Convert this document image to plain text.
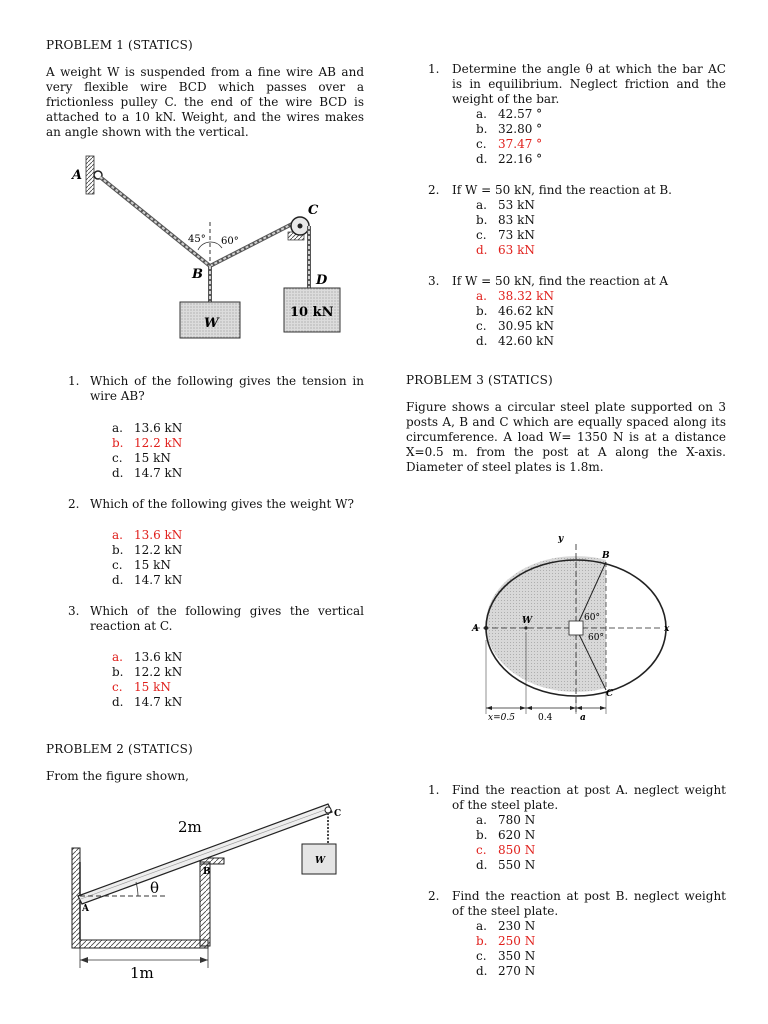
PROBLEM 1 (STATICS)
A weight W is suspended from a fine wire AB and very flexible wire BCD which passes over a frictionless pulley C. the end of the wire BCD is attached to a 10 kN. Weight, and the wires makes an angle shown with the vertical.
A
C
D
45° 60°
B
W
10 kN
1. Which of the following gives the tension in wire AB?
a. 13.6 kN
b. 12.2 kN
c. 15 kN
d. 14.7 kN
2. Which of the following gives the weight W?
a. 13.6 kN
b. 12.2 kN
c. 15 kN
d. 14.7 kN
3. Which of the following gives the vertical reaction at C.
a. 13.6 kN
b. 12.2 kN
c. 15 kN
d. 14.7 kN
PROBLEM 2 (STATICS)
From the figure shown,
A
B
2m
C
W
θ
1m
1.	Determine the angle θ at which the bar AC is in equilibrium. Neglect friction and the weight of the bar.
a. 42.57 °
b. 32.80 °
c. 37.47 °
d. 22.16 °
2.	If W = 50 kN, find the reaction at B.
a. 53 kN
b. 83 kN
c. 73 kN
d. 63 kN
3.	If W = 50 kN, find the reaction at A
a. 38.32 kN
b. 46.62 kN
c. 30.95 kN
d. 42.60 kN
PROBLEM 3 (STATICS)
Figure shows a circular steel plate supported on 3 posts A, B and C which are equally spaced along its circumference. A load W= 1350 N is at a distance X=0.5 m. from the post at A along the X-axis. Diameter of steel plates is 1.8m.
x
y
B
C
A
W	60°
60°
x=0.5	0.4	a
1.	Find the reaction at post A. neglect weight of the steel plate.
a. 780 N
b. 620 N
c. 850 N
d. 550 N
2.	Find the reaction at post B. neglect weight of the steel plate.
a. 230 N
b. 250 N
c. 350 N
d. 270 N
